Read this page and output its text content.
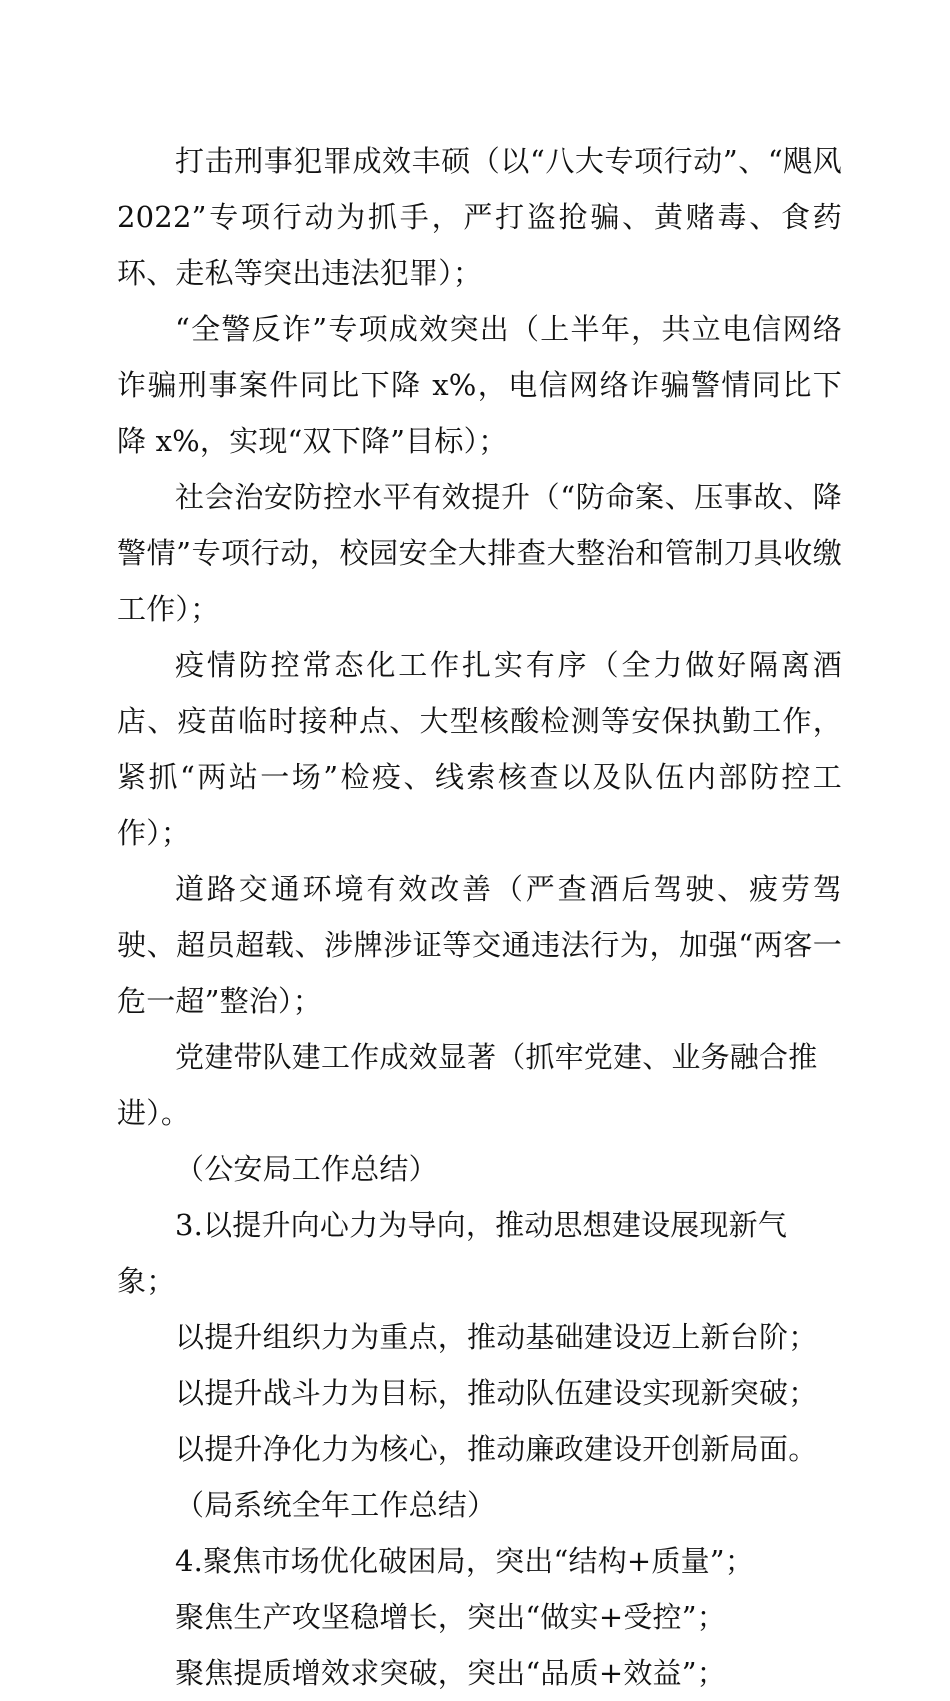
打击刑事犯罪成效丰硕（以“八大专项行动”、“飓风2022”专项行动为抓手，严打盗抢骗、黄赌毒、食药环、走私等突出违法犯罪）；

“全警反诈”专项成效突出（上半年，共立电信网络诈骗刑事案件同比下降 x%，电信网络诈骗警情同比下降 x%，实现“双下降”目标）；

社会治安防控水平有效提升（“防命案、压事故、降警情”专项行动，校园安全大排查大整治和管制刀具收缴工作）；

疫情防控常态化工作扎实有序（全力做好隔离酒店、疫苗临时接种点、大型核酸检测等安保执勤工作，紧抓“两站一场”检疫、线索核查以及队伍内部防控工作）；

道路交通环境有效改善（严查酒后驾驶、疲劳驾驶、超员超载、涉牌涉证等交通违法行为，加强“两客一危一超”整治）；

党建带队建工作成效显著（抓牢党建、业务融合推进）。

（公安局工作总结）

3.以提升向心力为导向，推动思想建设展现新气象；

以提升组织力为重点，推动基础建设迈上新台阶；

以提升战斗力为目标，推动队伍建设实现新突破；

以提升净化力为核心，推动廉政建设开创新局面。

（局系统全年工作总结）

4.聚焦市场优化破困局，突出“结构+质量”；

聚焦生产攻坚稳增长，突出“做实+受控”；

聚焦提质增效求突破，突出“品质+效益”；
